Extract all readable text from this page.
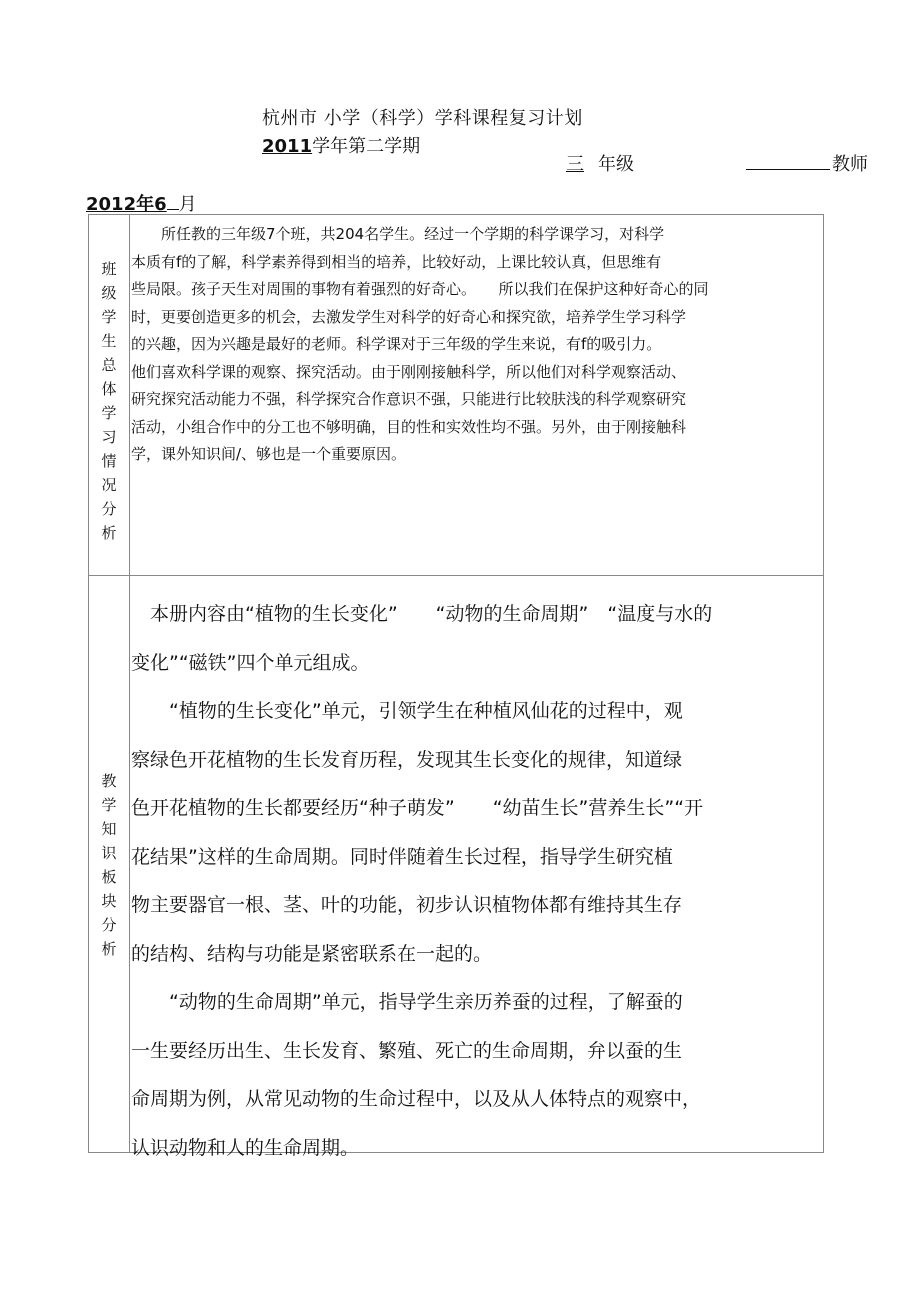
杭州市 小学（科学）学科课程复习计划
2011学年第二学期
三 年级	教师
2012年6 月
班
级
学
生
总
体
学
习
情
况
分
析
　　所任教的三年级7个班，共204名学生。经过一个学期的科学课学习，对科学
本质有f的了解，科学素养得到相当的培养，比较好动，上课比较认真，但思维有
些局限。孩子天生对周围的事物有着强烈的好奇心。　　所以我们在保护这种好奇心的同
时，更要创造更多的机会，去激发学生对科学的好奇心和探究欲，培养学生学习科学
的兴趣，因为兴趣是最好的老师。科学课对于三年级的学生来说，有f的吸引力。
他们喜欢科学课的观察、探究活动。由于刚刚接触科学，所以他们对科学观察活动、
研究探究活动能力不强，科学探究合作意识不强，只能进行比较肤浅的科学观察研究
活动，小组合作中的分工也不够明确，目的性和实效性均不强。另外，由于刚接触科
学，课外知识间/、够也是一个重要原因。
教
学
知
识
板
块
分
析
　本册内容由“植物的生长变化”　　“动物的生命周期”　“温度与水的
变化”“磁铁”四个单元组成。
　　“植物的生长变化”单元，引领学生在种植风仙花的过程中，观
察绿色开花植物的生长发育历程，发现其生长变化的规律，知道绿
色开花植物的生长都要经历“种子萌发”　　“幼苗生长”营养生长”“开
花结果”这样的生命周期。同时伴随着生长过程，指导学生研究植
物主要器官一根、茎、叶的功能，初步认识植物体都有维持其生存
的结构、结构与功能是紧密联系在一起的。
　　“动物的生命周期”单元，指导学生亲历养蚕的过程，了解蚕的
一生要经历出生、生长发育、繁殖、死亡的生命周期，弁以蚕的生
命周期为例，从常见动物的生命过程中，以及从人体特点的观察中，
认识动物和人的生命周期。
